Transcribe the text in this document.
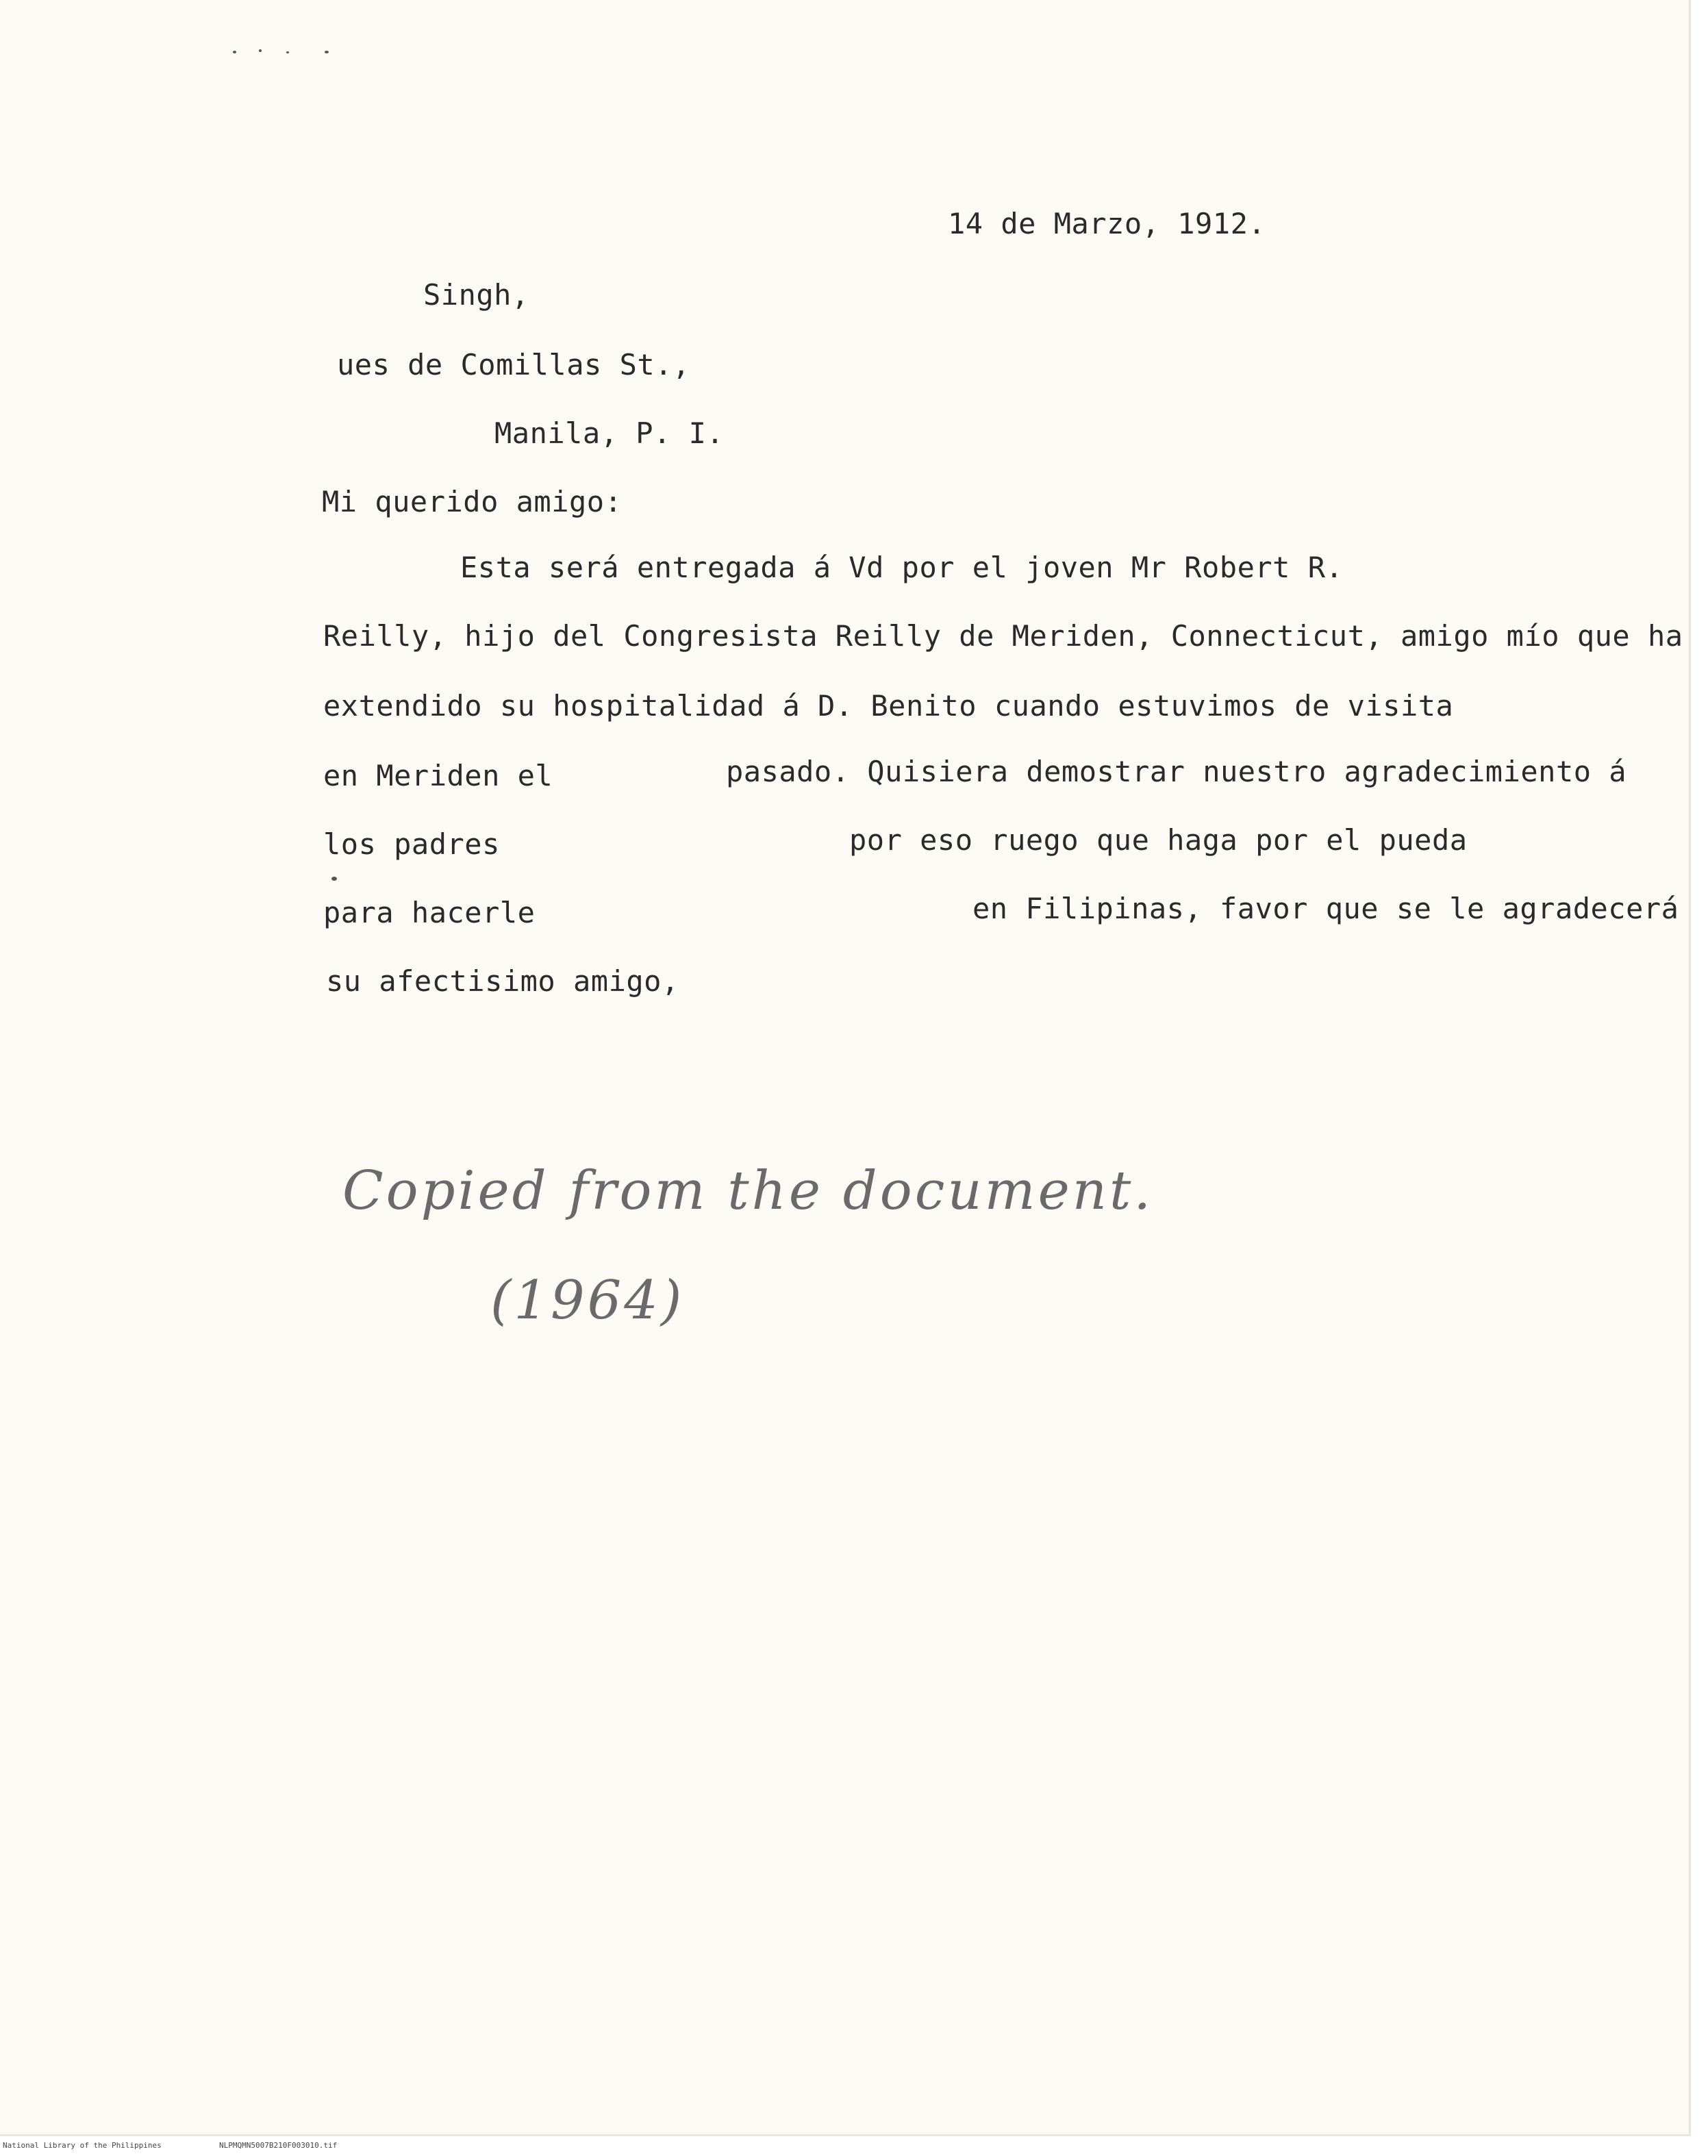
14 de Marzo, 1912.

Singh,

ues de Comillas St.,

Manila, P. I.

Mi querido amigo:

Esta será entregada á Vd por el joven Mr Robert R.

Reilly, hijo del Congresista Reilly de Meriden, Connecticut, amigo mío que ha

extendido su hospitalidad á D. Benito cuando estuvimos de visita

en Meriden el	pasado. Quisiera demostrar nuestro agradecimiento á

los padres	por eso ruego que haga por el pueda

para hacerle	en Filipinas, favor que se le agradecerá

su afectisimo amigo,

Copied from the document.

(1964)

National Library of the Philippines	NLPMQMN5007B210F003010.tif
